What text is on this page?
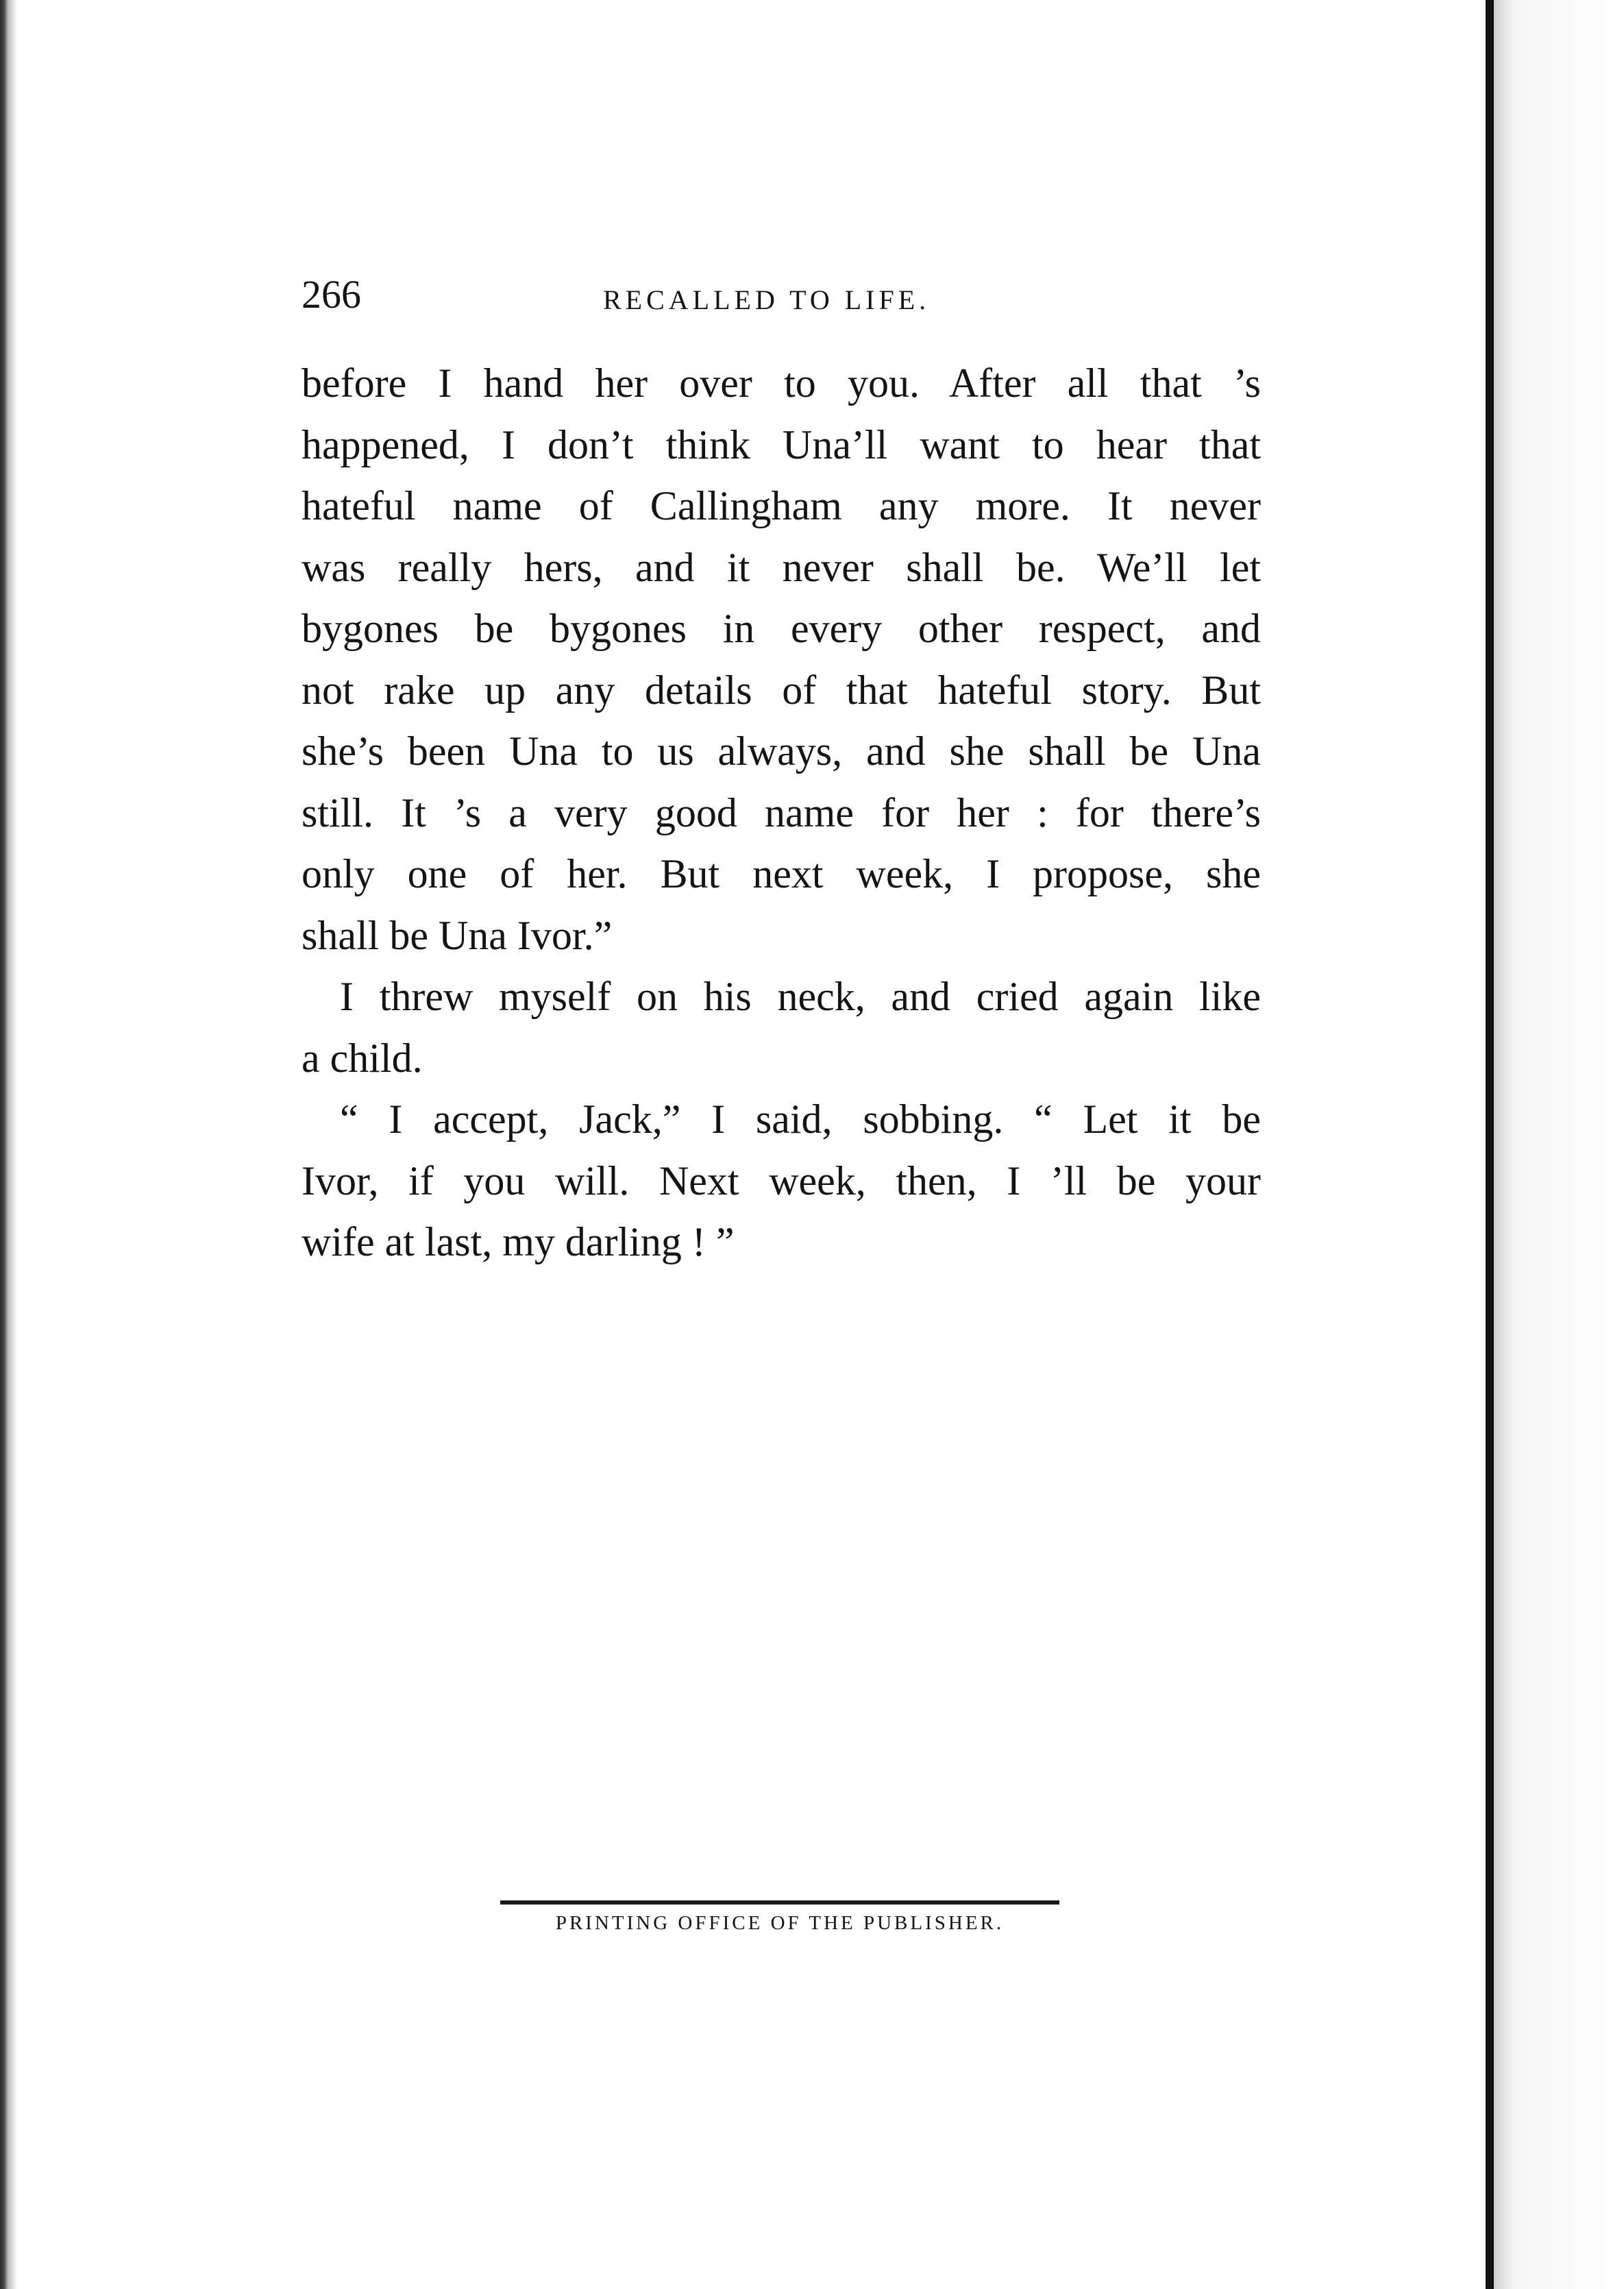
266	RECALLED TO LIFE.
before I hand her over to you. After all that ’s
happened, I don’t think Una’ll want to hear that
hateful name of Callingham any more. It never
was really hers, and it never shall be. We’ll let
bygones be bygones in every other respect, and
not rake up any details of that hateful story. But
she’s been Una to us always, and she shall be Una
still. It ’s a very good name for her : for there’s
only one of her. But next week, I propose, she
shall be Una Ivor.”
I threw myself on his neck, and cried again like
a child.
“ I accept, Jack,” I said, sobbing. “ Let it be
Ivor, if you will. Next week, then, I ’ll be your
wife at last, my darling ! ”
PRINTING OFFICE OF THE PUBLISHER.
